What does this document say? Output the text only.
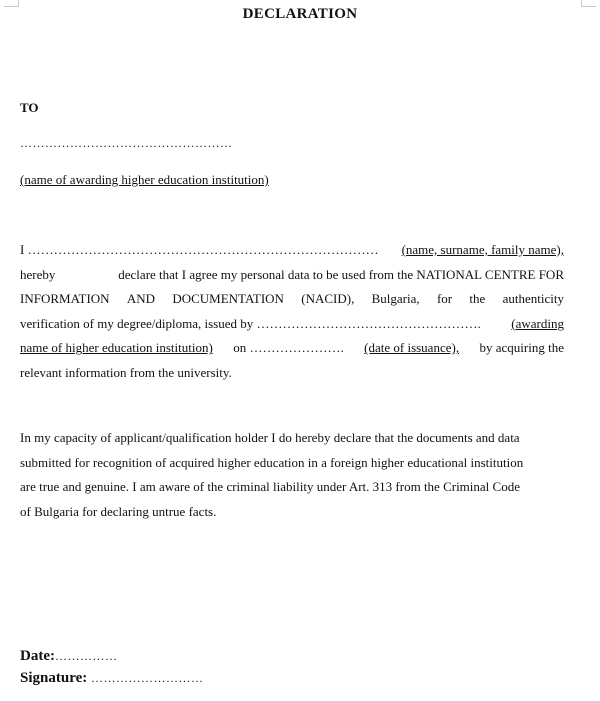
DECLARATION
TO
……………………………………………
(name of awarding higher education institution)
I ……………………………………………………………………… (name, surname, family name),
hereby	declare that I agree my personal data to be used from the NATIONAL CENTRE FOR
INFORMATION AND DOCUMENTATION (NACID), Bulgaria, for the authenticity
verification of my degree/diploma, issued by ……………………………………………. (awarding
name of higher education institution) on …………………. (date of issuance), by acquiring the
relevant information from the university.
In my capacity of applicant/qualification holder I do hereby declare that the documents and data
submitted for recognition of acquired higher education in a foreign higher educational institution
are true and genuine. I am aware of the criminal liability under Art. 313 from the Criminal Code
of Bulgaria for declaring untrue facts.
Date:……………
Signature: ………………………
